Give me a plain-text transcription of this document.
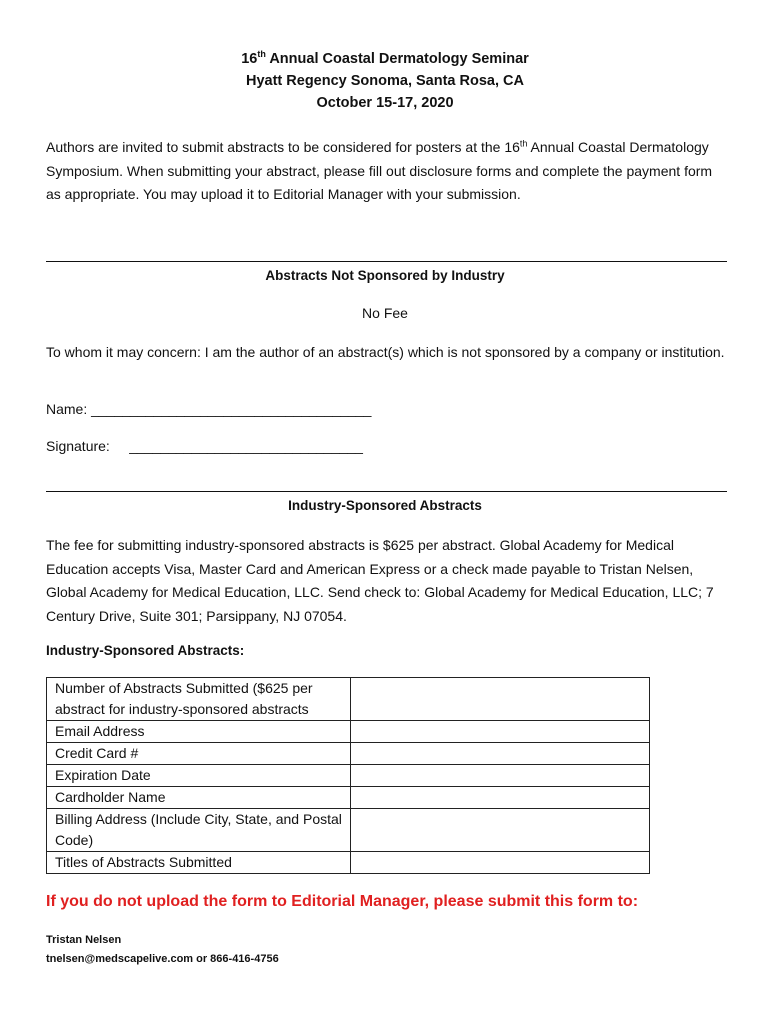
16th Annual Coastal Dermatology Seminar
Hyatt Regency Sonoma, Santa Rosa, CA
October 15-17, 2020
Authors are invited to submit abstracts to be considered for posters at the 16th Annual Coastal Dermatology Symposium. When submitting your abstract, please fill out disclosure forms and complete the payment form as appropriate. You may upload it to Editorial Manager with your submission.
Abstracts Not Sponsored by Industry
No Fee
To whom it may concern: I am the author of an abstract(s) which is not sponsored by a company or institution.
Name: ____________________________________
Signature:     ______________________________
Industry-Sponsored Abstracts
The fee for submitting industry-sponsored abstracts is $625 per abstract. Global Academy for Medical Education accepts Visa, Master Card and American Express or a check made payable to Tristan Nelsen, Global Academy for Medical Education, LLC. Send check to: Global Academy for Medical Education, LLC; 7 Century Drive, Suite 301; Parsippany, NJ 07054.
Industry-Sponsored Abstracts:
Number of Abstracts Submitted ($625 per abstract for industry-sponsored abstracts	
Email Address	
Credit Card #	
Expiration Date	
Cardholder Name	
Billing Address (Include City, State, and Postal Code)	
Titles of Abstracts Submitted	
If you do not upload the form to Editorial Manager, please submit this form to:
Tristan Nelsen
tnelsen@medscapelive.com or 866-416-4756
